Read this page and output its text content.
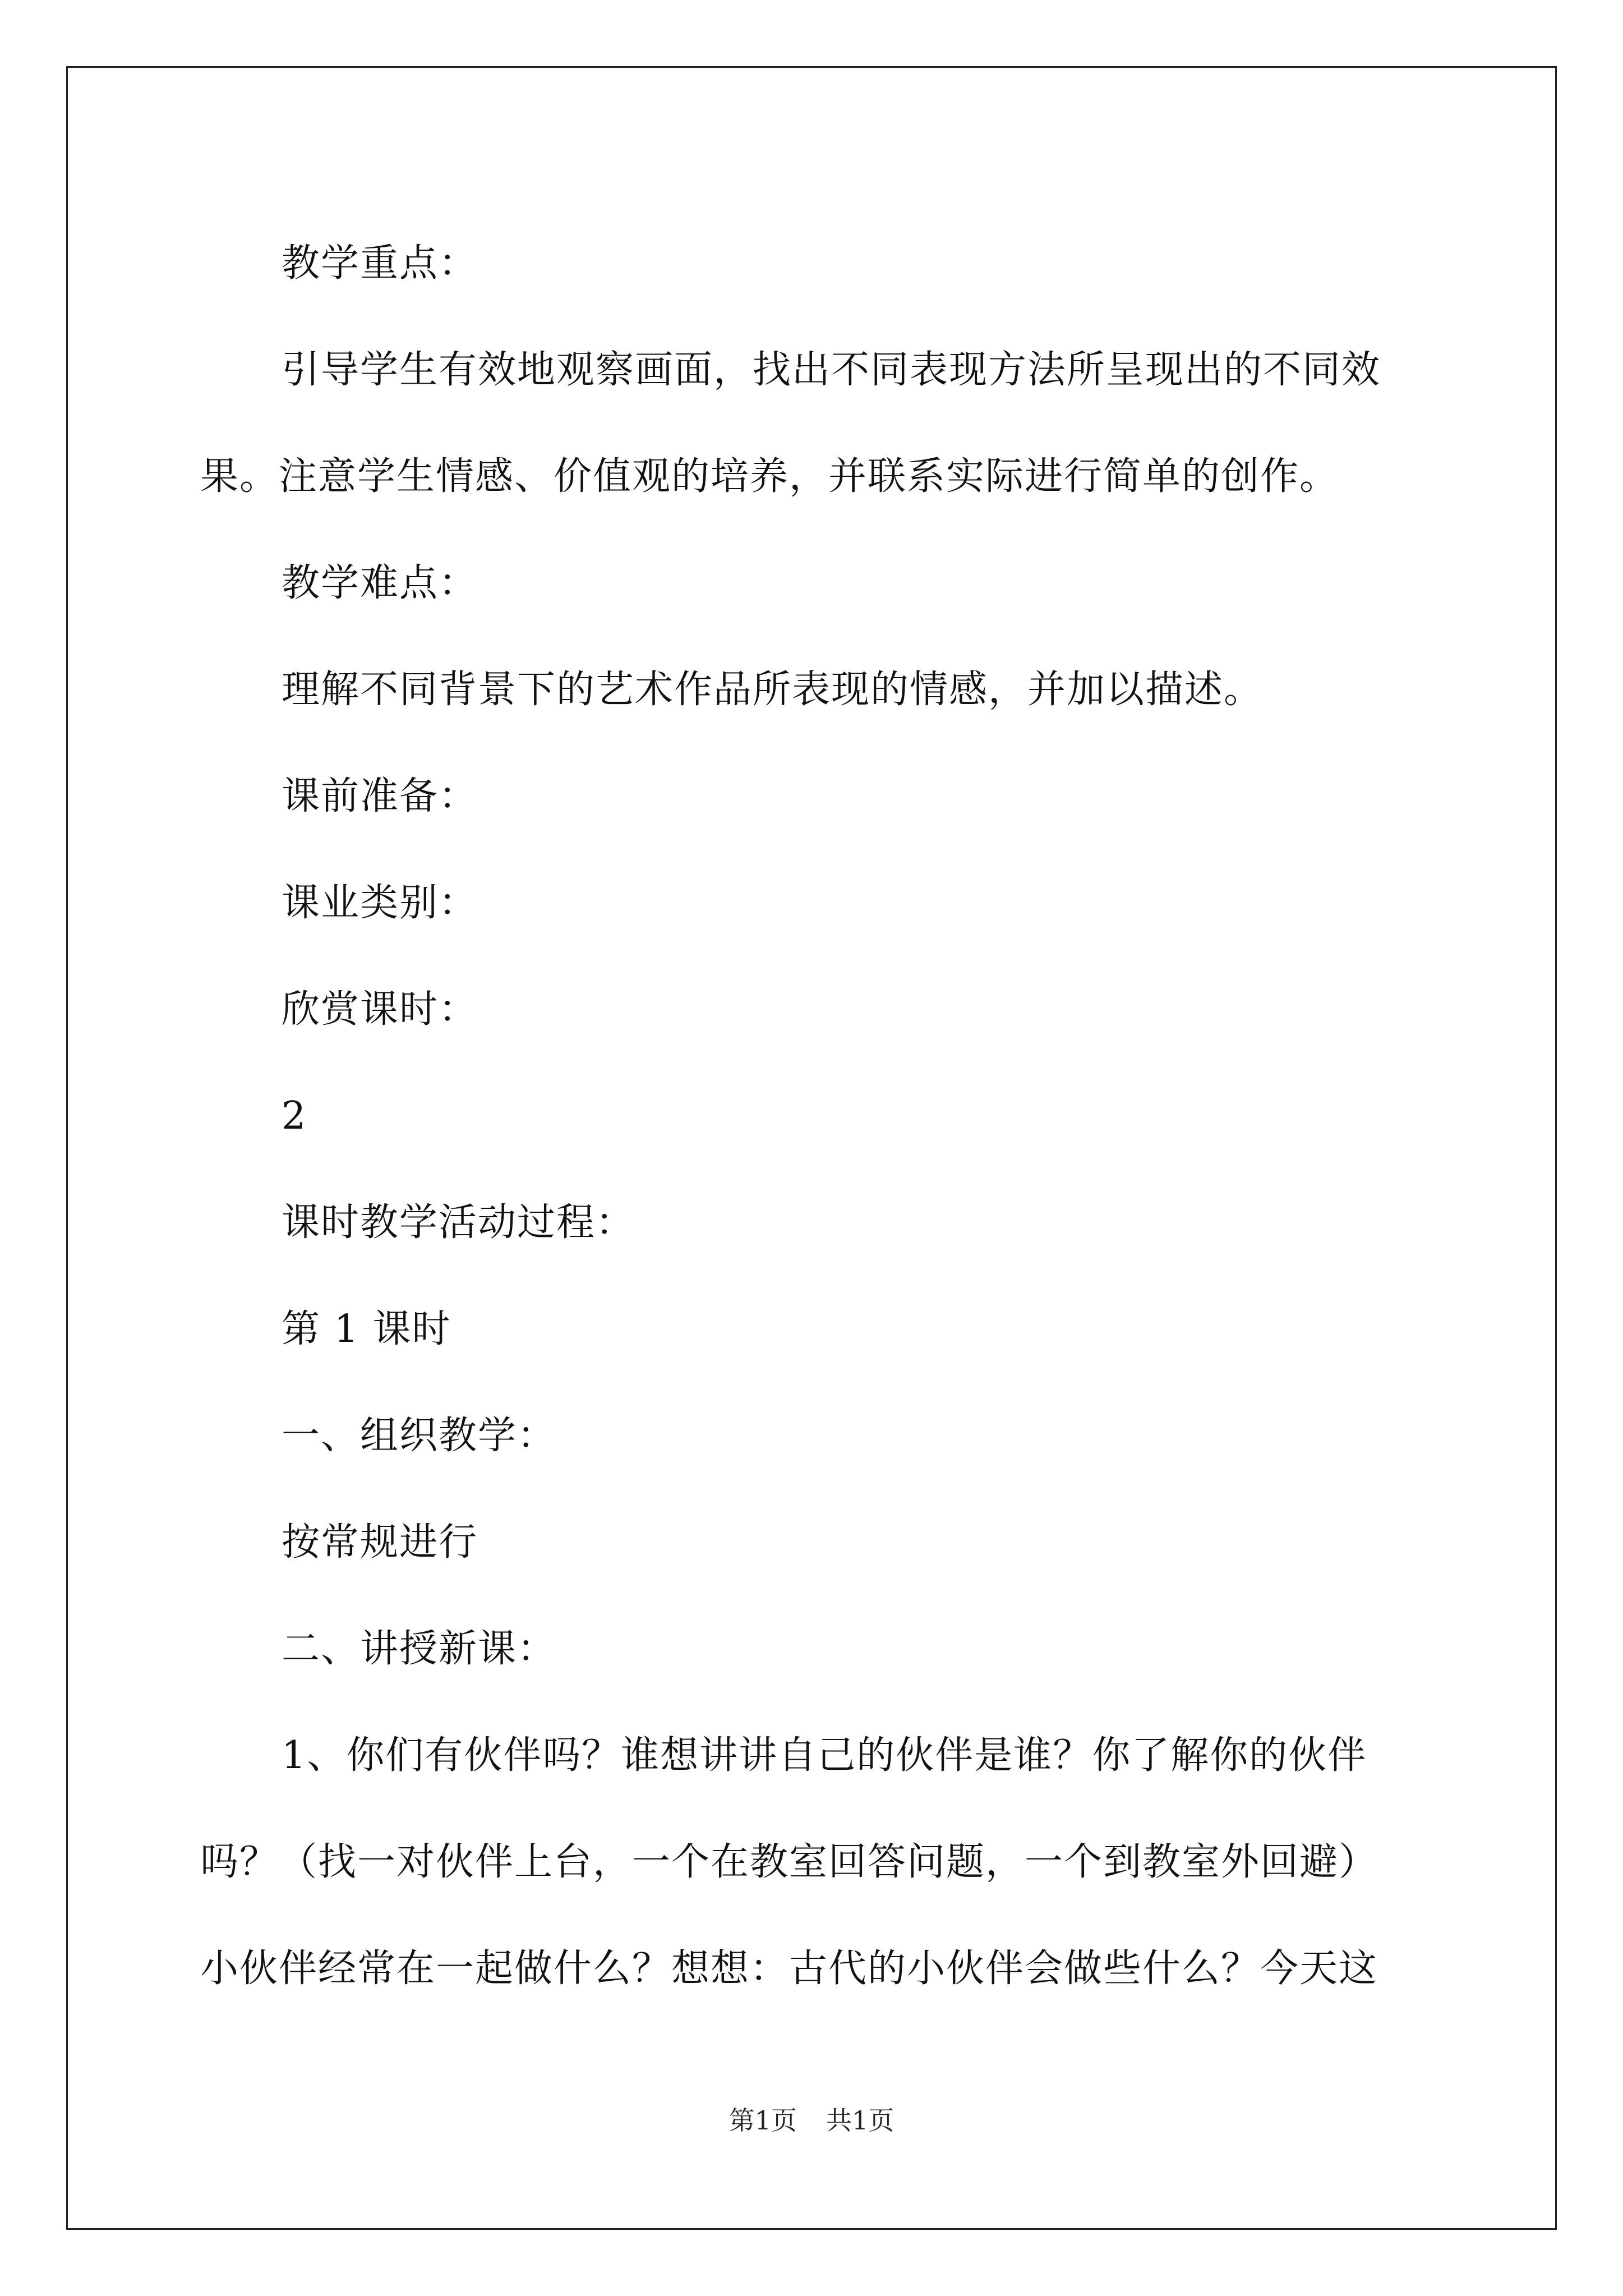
教学重点：
引导学生有效地观察画面，找出不同表现方法所呈现出的不同效
果。注意学生情感、价值观的培养，并联系实际进行简单的创作。
教学难点：
理解不同背景下的艺术作品所表现的情感，并加以描述。
课前准备：
课业类别：
欣赏课时：
2
课时教学活动过程：
第 1 课时
一、组织教学：
按常规进行
二、讲授新课：
1、你们有伙伴吗？谁想讲讲自己的伙伴是谁？你了解你的伙伴
吗？（找一对伙伴上台，一个在教室回答问题，一个到教室外回避）
小伙伴经常在一起做什么？想想：古代的小伙伴会做些什么？今天这
第1页 共1页
